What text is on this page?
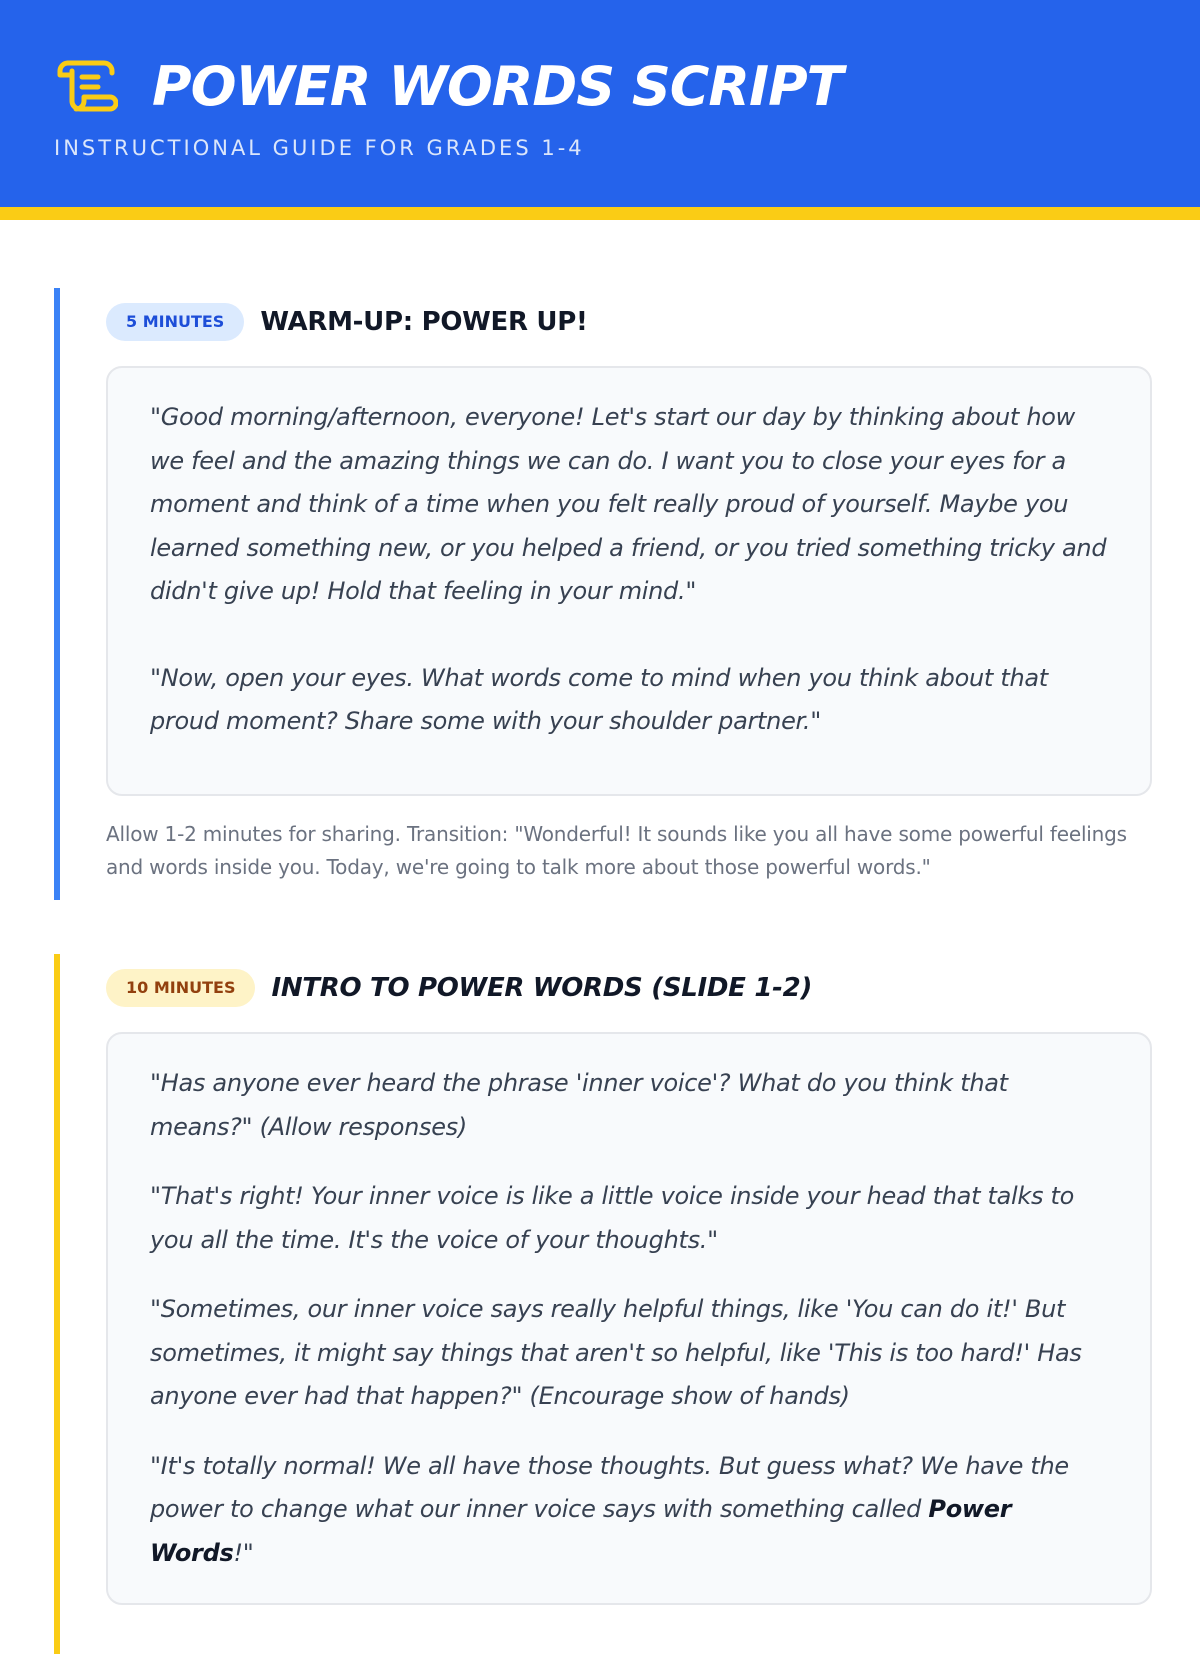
POWER WORDS SCRIPT
INSTRUCTIONAL GUIDE FOR GRADES 1-4
5 MINUTES	WARM-UP: POWER UP!

"Good morning/afternoon, everyone! Let's start our day by thinking about how we feel and the amazing things we can do. I want you to close your eyes for a moment and think of a time when you felt really proud of yourself. Maybe you learned something new, or you helped a friend, or you tried something tricky and didn't give up! Hold that feeling in your mind."

"Now, open your eyes. What words come to mind when you think about that proud moment? Share some with your shoulder partner."

Allow 1-2 minutes for sharing. Transition: "Wonderful! It sounds like you all have some powerful feelings and words inside you. Today, we're going to talk more about those powerful words."

10 MINUTES	INTRO TO POWER WORDS (SLIDE 1-2)

"Has anyone ever heard the phrase 'inner voice'? What do you think that means?" (Allow responses)

"That's right! Your inner voice is like a little voice inside your head that talks to you all the time. It's the voice of your thoughts."

"Sometimes, our inner voice says really helpful things, like 'You can do it!' But sometimes, it might say things that aren't so helpful, like 'This is too hard!' Has anyone ever had that happen?" (Encourage show of hands)

"It's totally normal! We all have those thoughts. But guess what? We have the power to change what our inner voice says with something called Power Words!"
